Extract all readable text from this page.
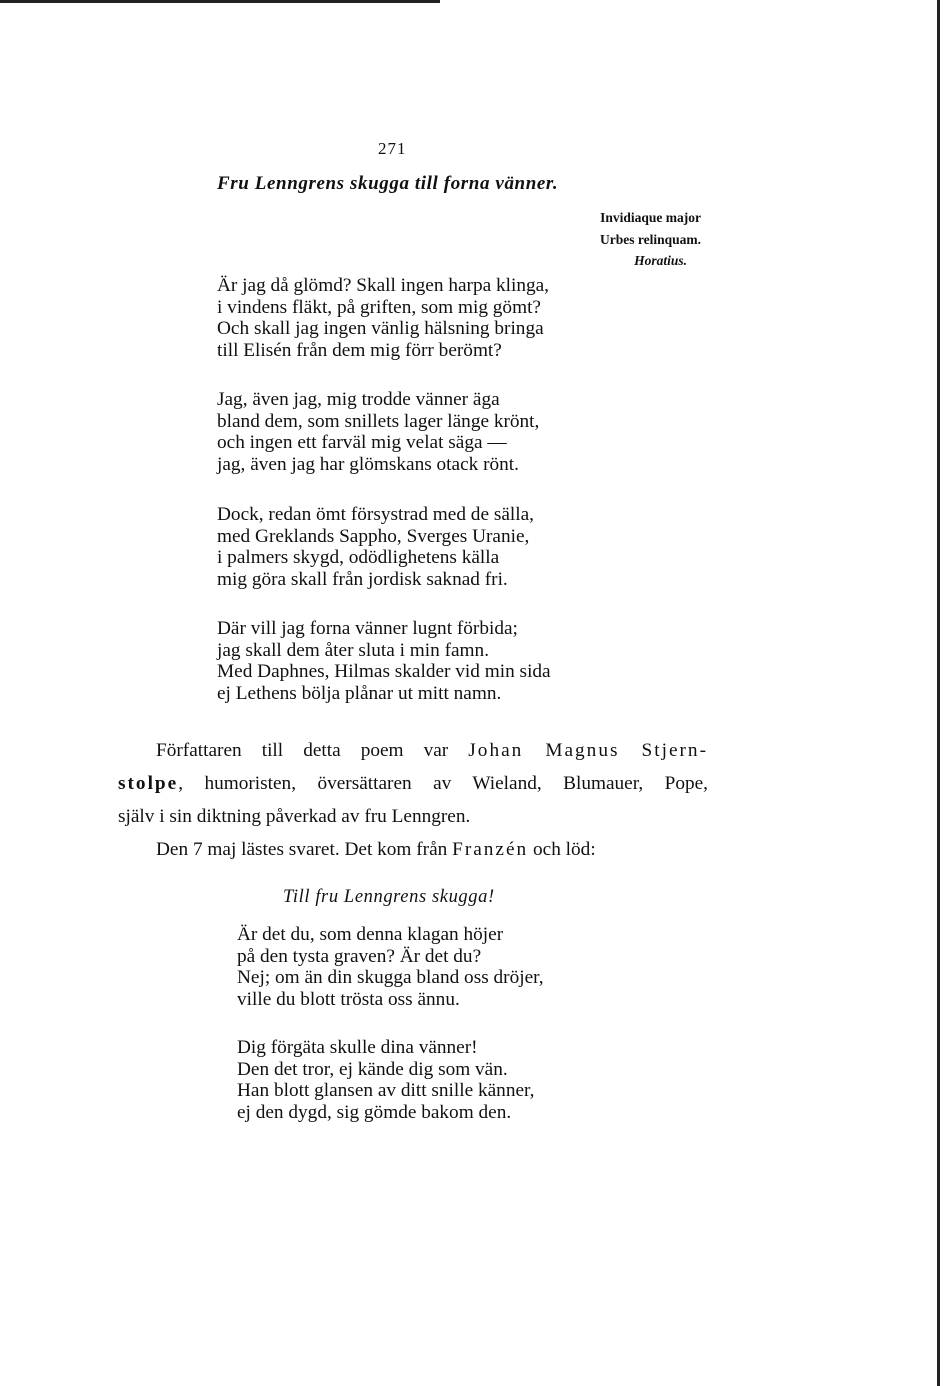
271
Fru Lenngrens skugga till forna vänner.
Invidiaque major
Urbes relinquam.
Horatius.
Är jag då glömd? Skall ingen harpa klinga,
i vindens fläkt, på griften, som mig gömt?
Och skall jag ingen vänlig hälsning bringa
till Elisén från dem mig förr berömt?
Jag, även jag, mig trodde vänner äga
bland dem, som snillets lager länge krönt,
och ingen ett farväl mig velat säga —
jag, även jag har glömskans otack rönt.
Dock, redan ömt försystrad med de sälla,
med Greklands Sappho, Sverges Uranie,
i palmers skygd, odödlighetens källa
mig göra skall från jordisk saknad fri.
Där vill jag forna vänner lugnt förbida;
jag skall dem åter sluta i min famn.
Med Daphnes, Hilmas skalder vid min sida
ej Lethens bölja plånar ut mitt namn.

Författaren till detta poem var Johan Magnus Stjern-
stolpe, humoristen, översättaren av Wieland, Blumauer, Pope,

själv i sin diktning påverkad av fru Lenngren.

Den 7 maj lästes svaret. Det kom från Franzén och löd:

Till fru Lenngrens skugga!
Är det du, som denna klagan höjer
på den tysta graven? Är det du?
Nej; om än din skugga bland oss dröjer,
ville du blott trösta oss ännu.
Dig förgäta skulle dina vänner!
Den det tror, ej kände dig som vän.
Han blott glansen av ditt snille känner,
ej den dygd, sig gömde bakom den.
